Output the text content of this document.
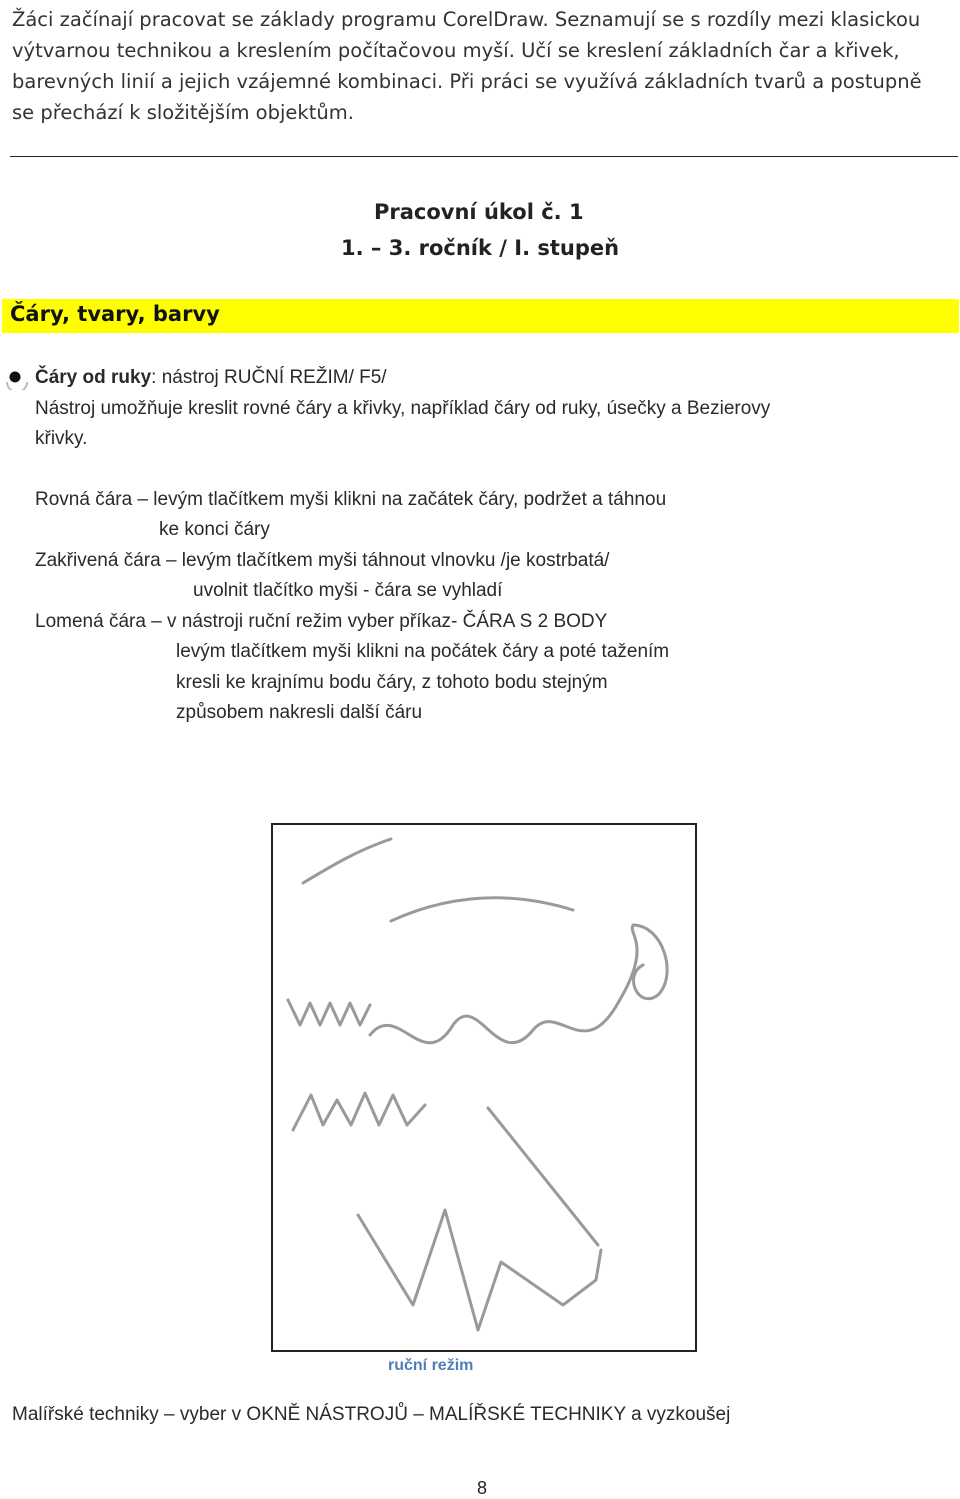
Žáci začínají pracovat se základy programu CorelDraw. Seznamují se s rozdíly mezi klasickou
výtvarnou technikou a kreslením počítačovou myší. Učí se kreslení základních čar a křivek,
barevných linií a jejich vzájemné kombinaci. Při práci se využívá základních tvarů a postupně
se přechází k složitějším objektům.
Pracovní úkol č. 1
1. – 3. ročník / I. stupeň
Čáry, tvary, barvy
Čáry od ruky: nástroj RUČNÍ REŽIM/ F5/
Nástroj umožňuje kreslit rovné čáry a křivky, například čáry od ruky, úsečky a Bezierovy
křivky.
Rovná čára – levým tlačítkem myši klikni na začátek čáry, podržet a táhnou
ke konci čáry
Zakřivená čára – levým tlačítkem myši táhnout vlnovku /je kostrbatá/
uvolnit tlačítko myši - čára se vyhladí
Lomená čára – v nástroji ruční režim vyber příkaz- ČÁRA S 2 BODY
levým tlačítkem myši klikni na počátek čáry a poté tažením
kresli ke krajnímu bodu čáry, z tohoto bodu stejným
způsobem nakresli další čáru
ruční režim
Malířské techniky – vyber v OKNĚ NÁSTROJŮ – MALÍŘSKÉ TECHNIKY a vyzkoušej
8
